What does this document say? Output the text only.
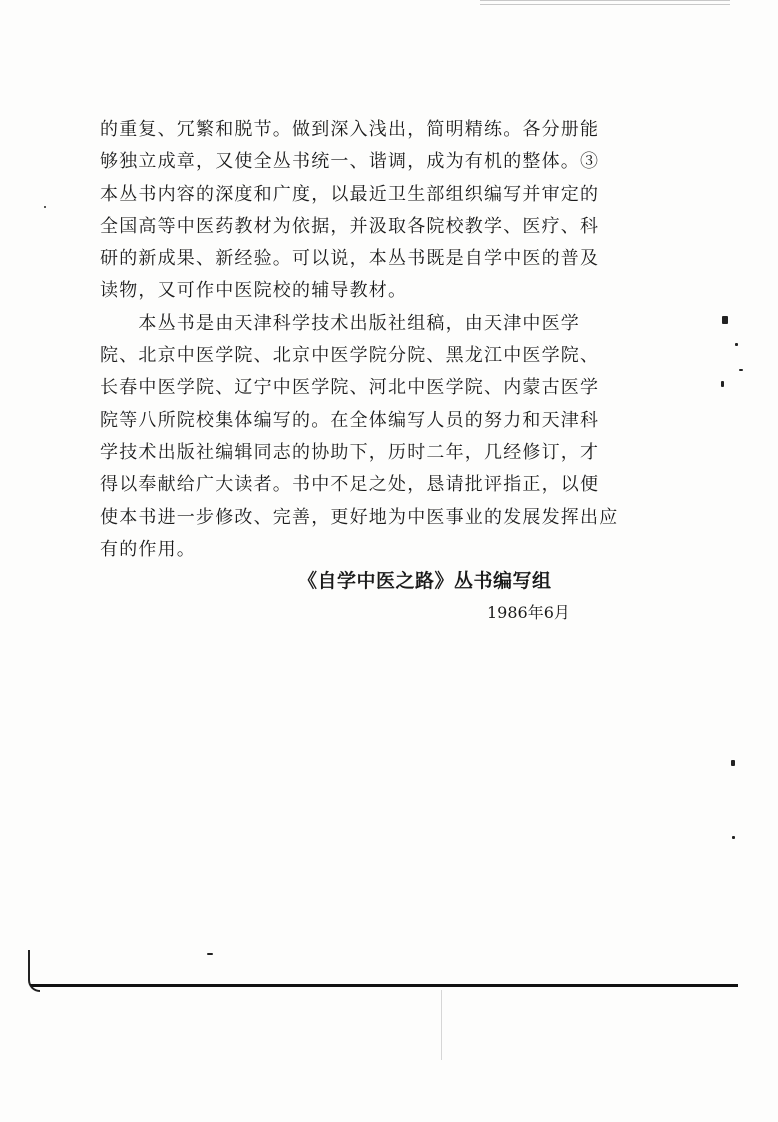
的重复、冗繁和脱节。做到深入浅出，简明精练。各分册能
够独立成章，又使全丛书统一、谐调，成为有机的整体。③
本丛书内容的深度和广度，以最近卫生部组织编写并审定的
全国高等中医药教材为依据，并汲取各院校教学、医疗、科
研的新成果、新经验。可以说，本丛书既是自学中医的普及
读物，又可作中医院校的辅导教材。
　　本丛书是由天津科学技术出版社组稿，由天津中医学
院、北京中医学院、北京中医学院分院、黑龙江中医学院、
长春中医学院、辽宁中医学院、河北中医学院、内蒙古医学
院等八所院校集体编写的。在全体编写人员的努力和天津科
学技术出版社编辑同志的协助下，历时二年，几经修订，才
得以奉献给广大读者。书中不足之处，恳请批评指正，以便
使本书进一步修改、完善，更好地为中医事业的发展发挥出应
有的作用。
《自学中医之路》丛书编写组
1986年6月
